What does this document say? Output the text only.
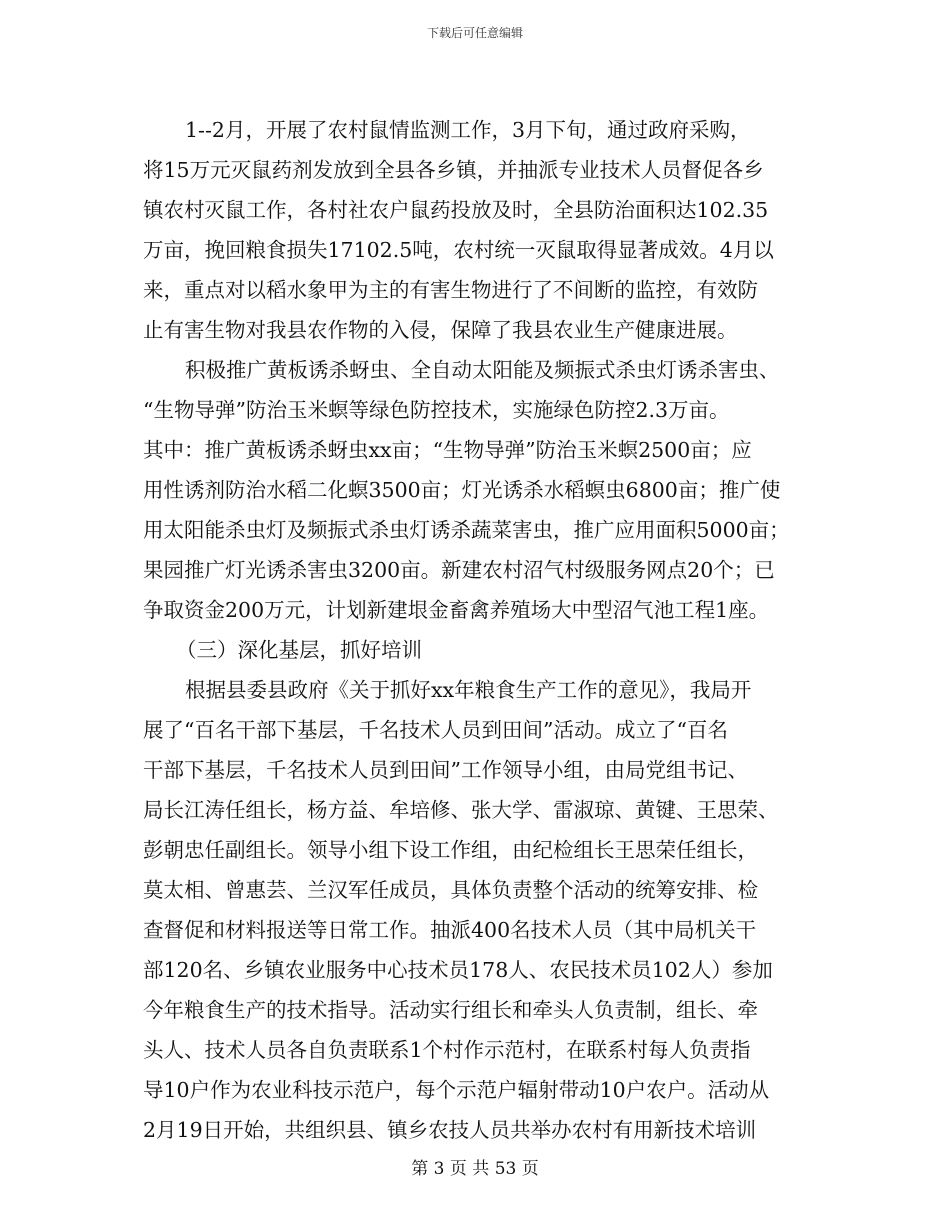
下载后可任意编辑
1--2月，开展了农村鼠情监测工作，3月下旬，通过政府采购，
将15万元灭鼠药剂发放到全县各乡镇，并抽派专业技术人员督促各乡
镇农村灭鼠工作，各村社农户鼠药投放及时，全县防治面积达102.35
万亩，挽回粮食损失17102.5吨，农村统一灭鼠取得显著成效。4月以
来，重点对以稻水象甲为主的有害生物进行了不间断的监控，有效防
止有害生物对我县农作物的入侵，保障了我县农业生产健康进展。
积极推广黄板诱杀蚜虫、全自动太阳能及频振式杀虫灯诱杀害虫、
“生物导弹”防治玉米螟等绿色防控技术，实施绿色防控2.3万亩。
其中：推广黄板诱杀蚜虫xx亩；“生物导弹”防治玉米螟2500亩；应
用性诱剂防治水稻二化螟3500亩；灯光诱杀水稻螟虫6800亩；推广使
用太阳能杀虫灯及频振式杀虫灯诱杀蔬菜害虫，推广应用面积5000亩；
果园推广灯光诱杀害虫3200亩。新建农村沼气村级服务网点20个；已
争取资金200万元，计划新建垠金畜禽养殖场大中型沼气池工程1座。
（三）深化基层，抓好培训
根据县委县政府《关于抓好xx年粮食生产工作的意见》，我局开
展了“百名干部下基层，千名技术人员到田间”活动。成立了“百名
干部下基层，千名技术人员到田间”工作领导小组，由局党组书记、
局长江涛任组长，杨方益、牟培修、张大学、雷淑琼、黄键、王思荣、
彭朝忠任副组长。领导小组下设工作组，由纪检组长王思荣任组长，
莫太相、曾惠芸、兰汉军任成员，具体负责整个活动的统筹安排、检
查督促和材料报送等日常工作。抽派400名技术人员（其中局机关干
部120名、乡镇农业服务中心技术员178人、农民技术员102人）参加
今年粮食生产的技术指导。活动实行组长和牵头人负责制，组长、牵
头人、技术人员各自负责联系1个村作示范村，在联系村每人负责指
导10户作为农业科技示范户，每个示范户辐射带动10户农户。活动从
2月19日开始，共组织县、镇乡农技人员共举办农村有用新技术培训
第 3 页 共 53 页
